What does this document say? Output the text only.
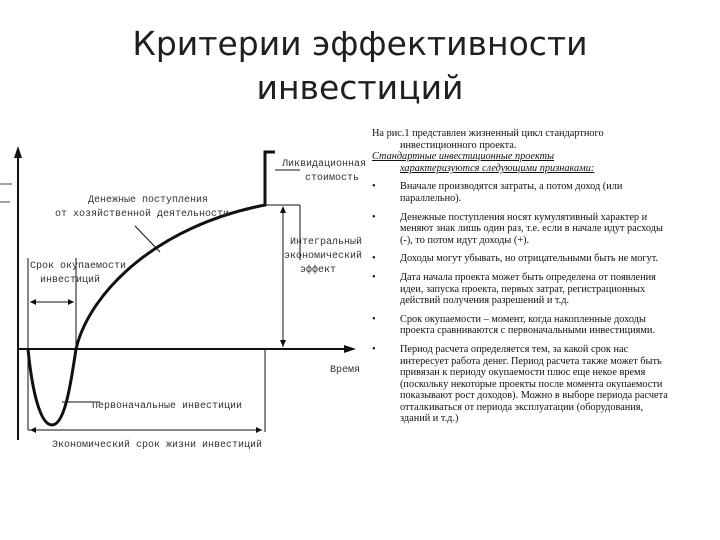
Критерии эффективности
инвестиций
Ликвидационная
стоимость
Денежные поступления
от хозяйственной деятельности
Срок окупаемости
инвестиций
Интегральный
экономический
эффект
Время
Первоначальные инвестиции
Экономический срок жизни инвестиций

На рис.1 представлен жизненный цикл стандартного

инвестиционного проекта.

Стандартные инвестиционные проекты

характеризуются следующими признаками:

• Вначале производятся затраты, а потом доход (или параллельно).
• Денежные поступления носят кумулятивный характер и меняют знак лишь один раз, т.е. если в начале идут расходы (-), то потом идут доходы (+).
• Доходы могут убывать, но отрицательными быть не могут.
• Дата начала проекта может быть определена от появления идеи, запуска проекта, первых затрат, регистрационных действий получения разрешений и т.д.
• Срок окупаемости – момент, когда накопленные доходы проекта сравниваются с первоначальными инвестициями.
• Период расчета определяется тем, за какой срок нас интересует работа денег. Период расчета также может быть привязан к периоду окупаемости плюс еще некое время (поскольку некоторые проекты после момента окупаемости показывают рост доходов). Можно в выборе периода расчета отталкиваться от периода эксплуатации (оборудования, зданий и т.д.)
